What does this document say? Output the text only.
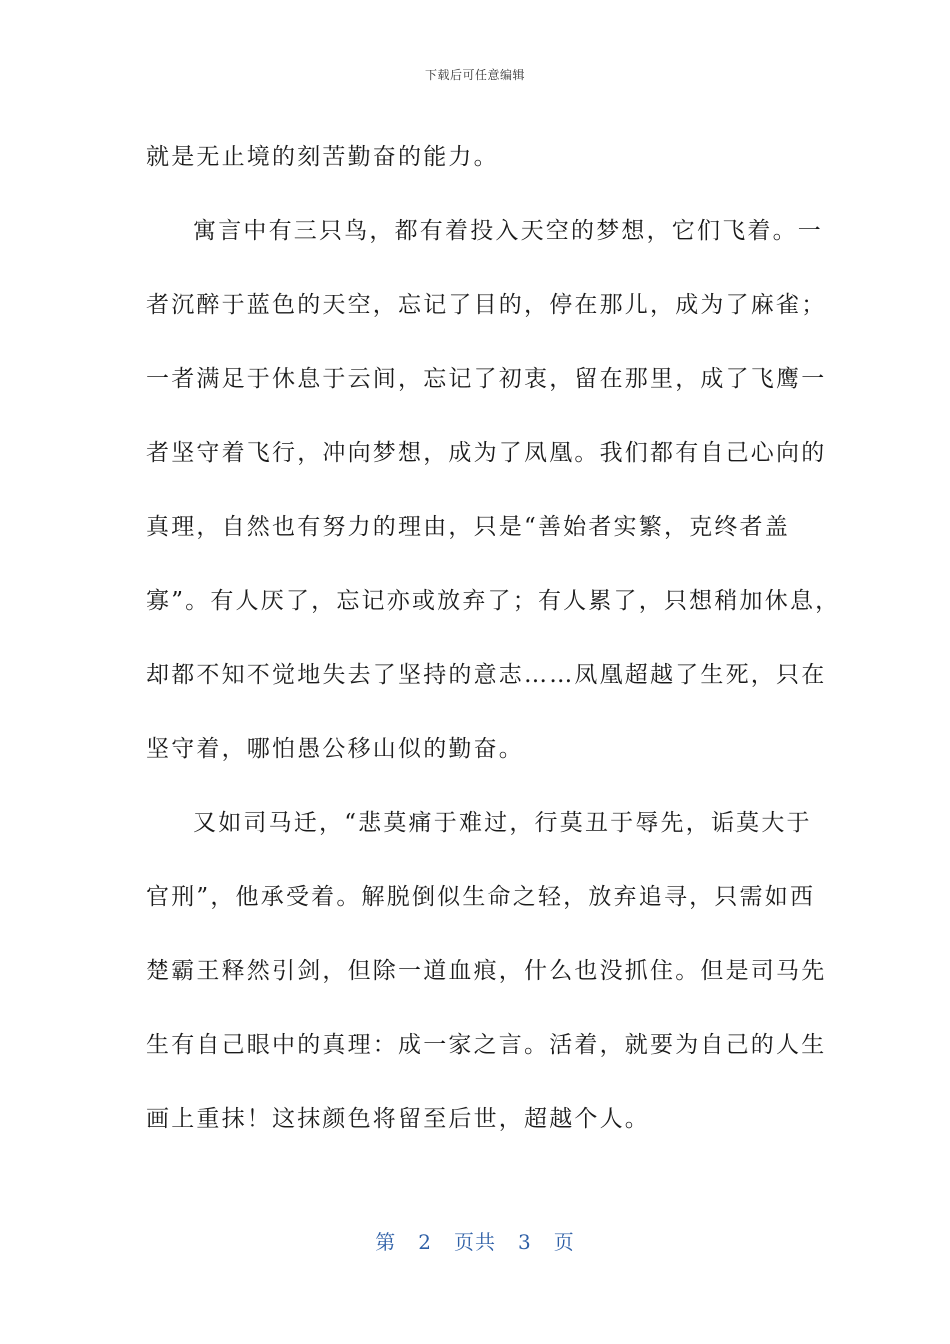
下载后可任意编辑
就是无止境的刻苦勤奋的能力。
寓言中有三只鸟，都有着投入天空的梦想，它们飞着。一
者沉醉于蓝色的天空，忘记了目的，停在那儿，成为了麻雀；
一者满足于休息于云间，忘记了初衷，留在那里，成了飞鹰一
者坚守着飞行，冲向梦想，成为了凤凰。我们都有自己心向的
真理，自然也有努力的理由，只是“善始者实繁，克终者盖
寡”。有人厌了，忘记亦或放弃了；有人累了，只想稍加休息，
却都不知不觉地失去了坚持的意志……凤凰超越了生死，只在
坚守着，哪怕愚公移山似的勤奋。
又如司马迁，“悲莫痛于难过，行莫丑于辱先，诟莫大于
官刑”，他承受着。解脱倒似生命之轻，放弃追寻，只需如西
楚霸王释然引剑，但除一道血痕，什么也没抓住。但是司马先
生有自己眼中的真理：成一家之言。活着，就要为自己的人生
画上重抹！这抹颜色将留至后世，超越个人。
第 2 页共 3 页
